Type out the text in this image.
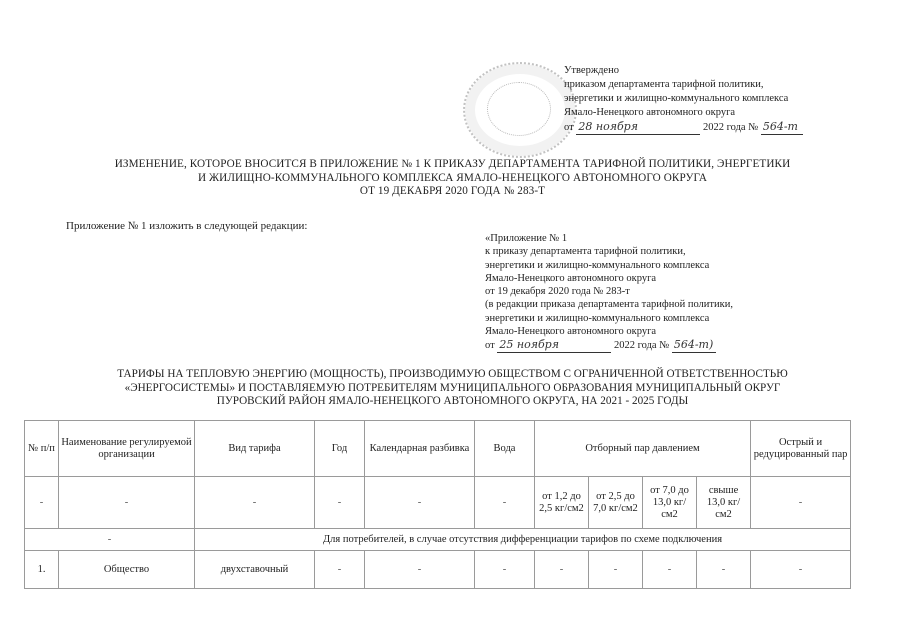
Утверждено
приказом департамента тарифной политики,
энергетики и жилищно-коммунального комплекса
Ямало-Ненецкого автономного округа
от 28 ноября	2022 года № 564-т
ИЗМЕНЕНИЕ, КОТОРОЕ ВНОСИТСЯ В ПРИЛОЖЕНИЕ № 1 К ПРИКАЗУ ДЕПАРТАМЕНТА ТАРИФНОЙ ПОЛИТИКИ, ЭНЕРГЕТИКИ
И ЖИЛИЩНО-КОММУНАЛЬНОГО КОМПЛЕКСА ЯМАЛО-НЕНЕЦКОГО АВТОНОМНОГО ОКРУГА
ОТ 19 ДЕКАБРЯ 2020 ГОДА № 283-Т
Приложение № 1 изложить в следующей редакции:
«Приложение № 1
к приказу департамента тарифной политики,
энергетики и жилищно-коммунального комплекса
Ямало-Ненецкого автономного округа
от 19 декабря 2020 года № 283-т
(в редакции приказа департамента тарифной политики,
энергетики и жилищно-коммунального комплекса
Ямало-Ненецкого автономного округа
от 25 ноября	2022 года № 564-т)
ТАРИФЫ НА ТЕПЛОВУЮ ЭНЕРГИЮ (МОЩНОСТЬ), ПРОИЗВОДИМУЮ ОБЩЕСТВОМ С ОГРАНИЧЕННОЙ ОТВЕТСТВЕННОСТЬЮ
«ЭНЕРГОСИСТЕМЫ» И ПОСТАВЛЯЕМУЮ ПОТРЕБИТЕЛЯМ МУНИЦИПАЛЬНОГО ОБРАЗОВАНИЯ МУНИЦИПАЛЬНЫЙ ОКРУГ
ПУРОВСКИЙ РАЙОН ЯМАЛО-НЕНЕЦКОГО АВТОНОМНОГО ОКРУГА, НА 2021 - 2025 ГОДЫ
№ п/п	Наименование регулируемой организации	Вид тарифа	Год	Календарная разбивка	Вода	Отборный пар давлением				Острый и редуцированный пар
-	-	-	-	-	-	от 1,2 до 2,5 кг/см2	от 2,5 до 7,0 кг/см2	от 7,0 до 13,0 кг/см2	свыше 13,0 кг/см2	-
-		Для потребителей, в случае отсутствия дифференциации тарифов по схеме подключения								
1.	Общество	двухставочный	-	-	-	-	-	-	-	-
